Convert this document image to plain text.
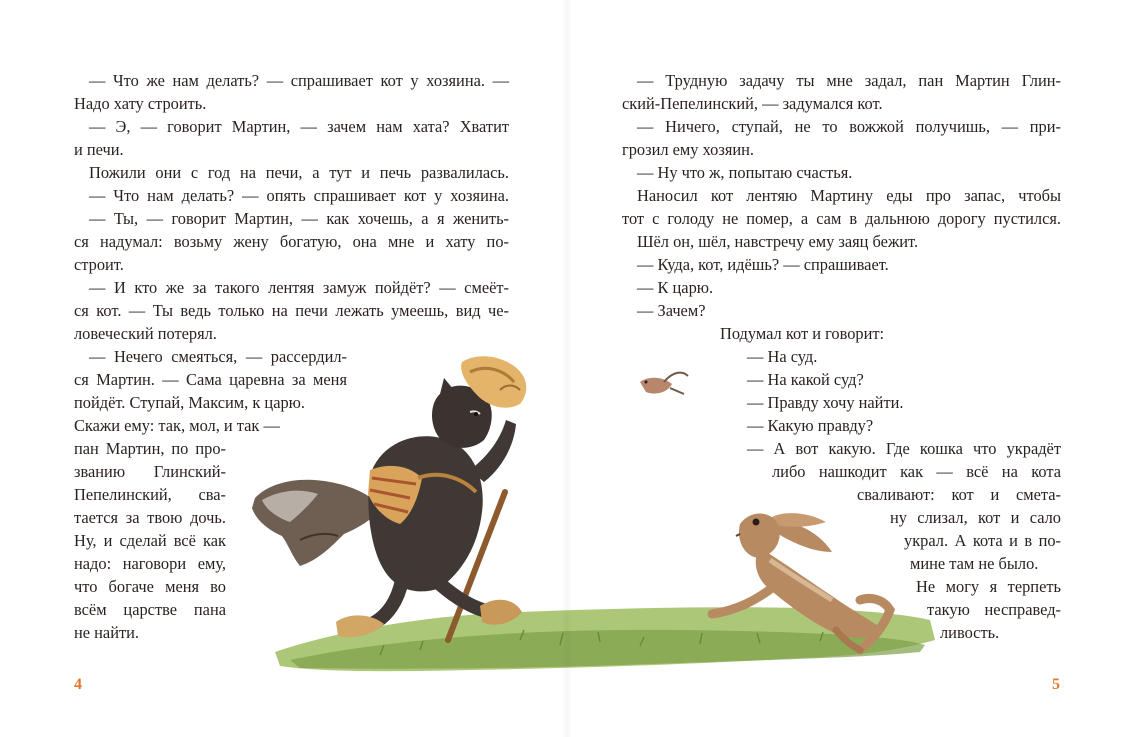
— Что же нам делать? — спрашивает кот у хозяина. —
Надо хату строить.
— Э, — говорит Мартин, — зачем нам хата? Хватит
и печи.
Пожили они с год на печи, а тут и печь развалилась.
— Что нам делать? — опять спрашивает кот у хозяина.
— Ты, — говорит Мартин, — как хочешь, а я женить-
ся надумал: возьму жену богатую, она мне и хату по-
строит.
— И кто же за такого лентяя замуж пойдёт? — смеёт-
ся кот. — Ты ведь только на печи лежать умеешь, вид че-
ловеческий потерял.
— Нечего смеяться, — рассердил-
ся Мартин. — Сама царевна за меня
пойдёт. Ступай, Максим, к царю.
Скажи ему: так, мол, и так —
пан Мартин, по про-
званию Глинский-
Пепелинский, сва-
тается за твою дочь.
Ну, и сделай всё как
надо: наговори ему,
что богаче меня во
всём царстве пана
не найти.
4
— Трудную задачу ты мне задал, пан Мартин Глин-
ский-Пепелинский, — задумался кот.
— Ничего, ступай, не то вожжой получишь, — при-
грозил ему хозяин.
— Ну что ж, попытаю счастья.
Наносил кот лентяю Мартину еды про запас, чтобы
тот с голоду не помер, а сам в дальнюю дорогу пустился.
Шёл он, шёл, навстречу ему заяц бежит.
— Куда, кот, идёшь? — спрашивает.
— К царю.
— Зачем?
Подумал кот и говорит:
— На суд.
— На какой суд?
— Правду хочу найти.
— Какую правду?
— А вот какую. Где кошка что украдёт
либо нашкодит как — всё на кота
сваливают: кот и смета-
ну слизал, кот и сало
украл. А кота и в по-
мине там не было.
Не могу я терпеть
такую несправед-
ливость.
5
